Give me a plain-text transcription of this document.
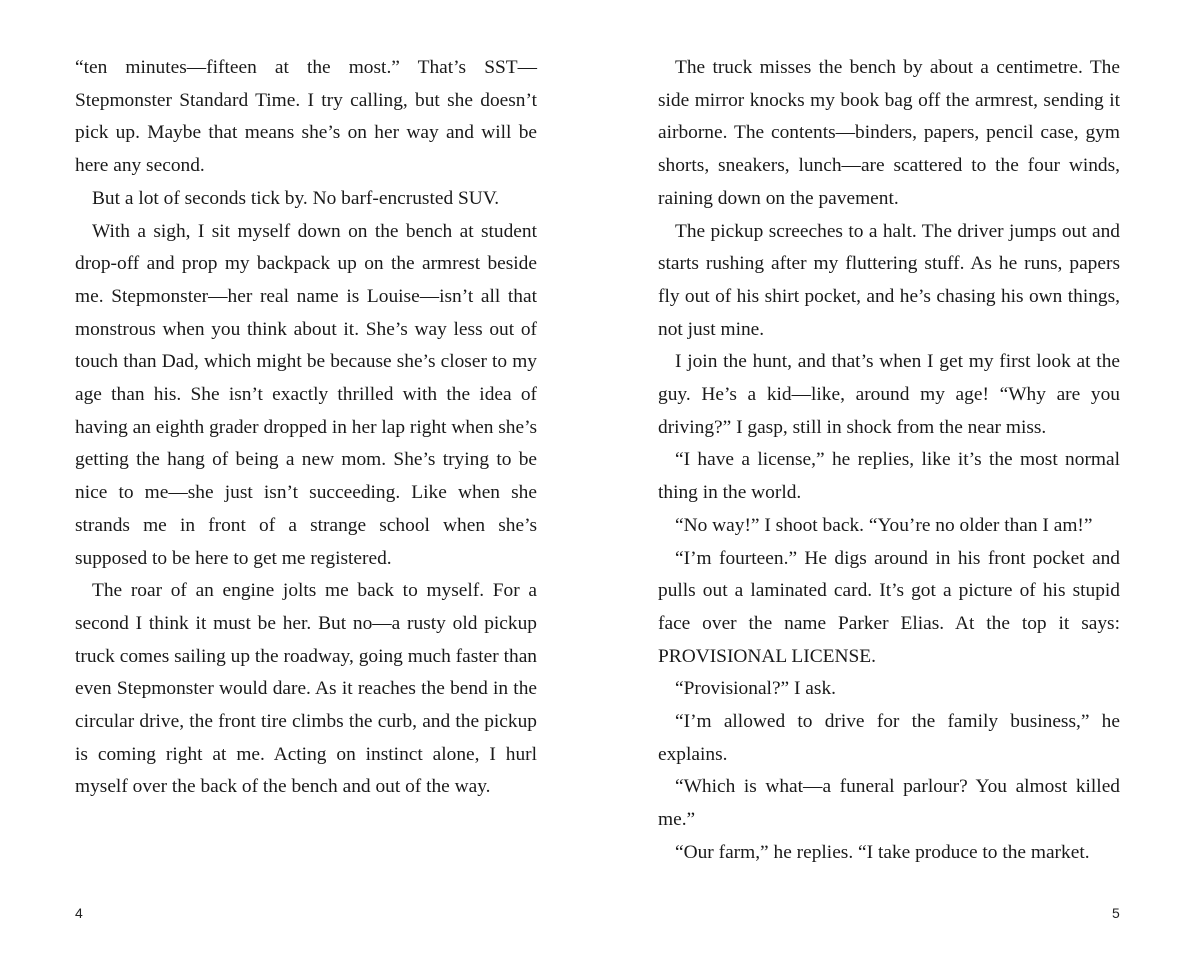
“ten minutes—fifteen at the most.” That’s SST—Stepmonster Standard Time. I try calling, but she doesn’t pick up. Maybe that means she’s on her way and will be here any second.

But a lot of seconds tick by. No barf-encrusted SUV.

With a sigh, I sit myself down on the bench at student drop-off and prop my backpack up on the armrest beside me. Stepmonster—her real name is Louise—isn’t all that monstrous when you think about it. She’s way less out of touch than Dad, which might be because she’s closer to my age than his. She isn’t exactly thrilled with the idea of having an eighth grader dropped in her lap right when she’s getting the hang of being a new mom. She’s trying to be nice to me—she just isn’t succeeding. Like when she strands me in front of a strange school when she’s supposed to be here to get me registered.

The roar of an engine jolts me back to myself. For a second I think it must be her. But no—a rusty old pickup truck comes sailing up the roadway, going much faster than even Stepmonster would dare. As it reaches the bend in the circular drive, the front tire climbs the curb, and the pickup is coming right at me. Acting on instinct alone, I hurl myself over the back of the bench and out of the way.

The truck misses the bench by about a centimetre. The side mirror knocks my book bag off the armrest, sending it airborne. The contents—binders, papers, pencil case, gym shorts, sneakers, lunch—are scattered to the four winds, raining down on the pavement.

The pickup screeches to a halt. The driver jumps out and starts rushing after my fluttering stuff. As he runs, papers fly out of his shirt pocket, and he’s chasing his own things, not just mine.

I join the hunt, and that’s when I get my first look at the guy. He’s a kid—like, around my age! “Why are you driving?” I gasp, still in shock from the near miss.

“I have a license,” he replies, like it’s the most normal thing in the world.

“No way!” I shoot back. “You’re no older than I am!”

“I’m fourteen.” He digs around in his front pocket and pulls out a laminated card. It’s got a picture of his stupid face over the name Parker Elias. At the top it says: PROVISIONAL LICENSE.

“Provisional?” I ask.

“I’m allowed to drive for the family business,” he explains.

“Which is what—a funeral parlour? You almost killed me.”

“Our farm,” he replies. “I take produce to the market.

4	5
